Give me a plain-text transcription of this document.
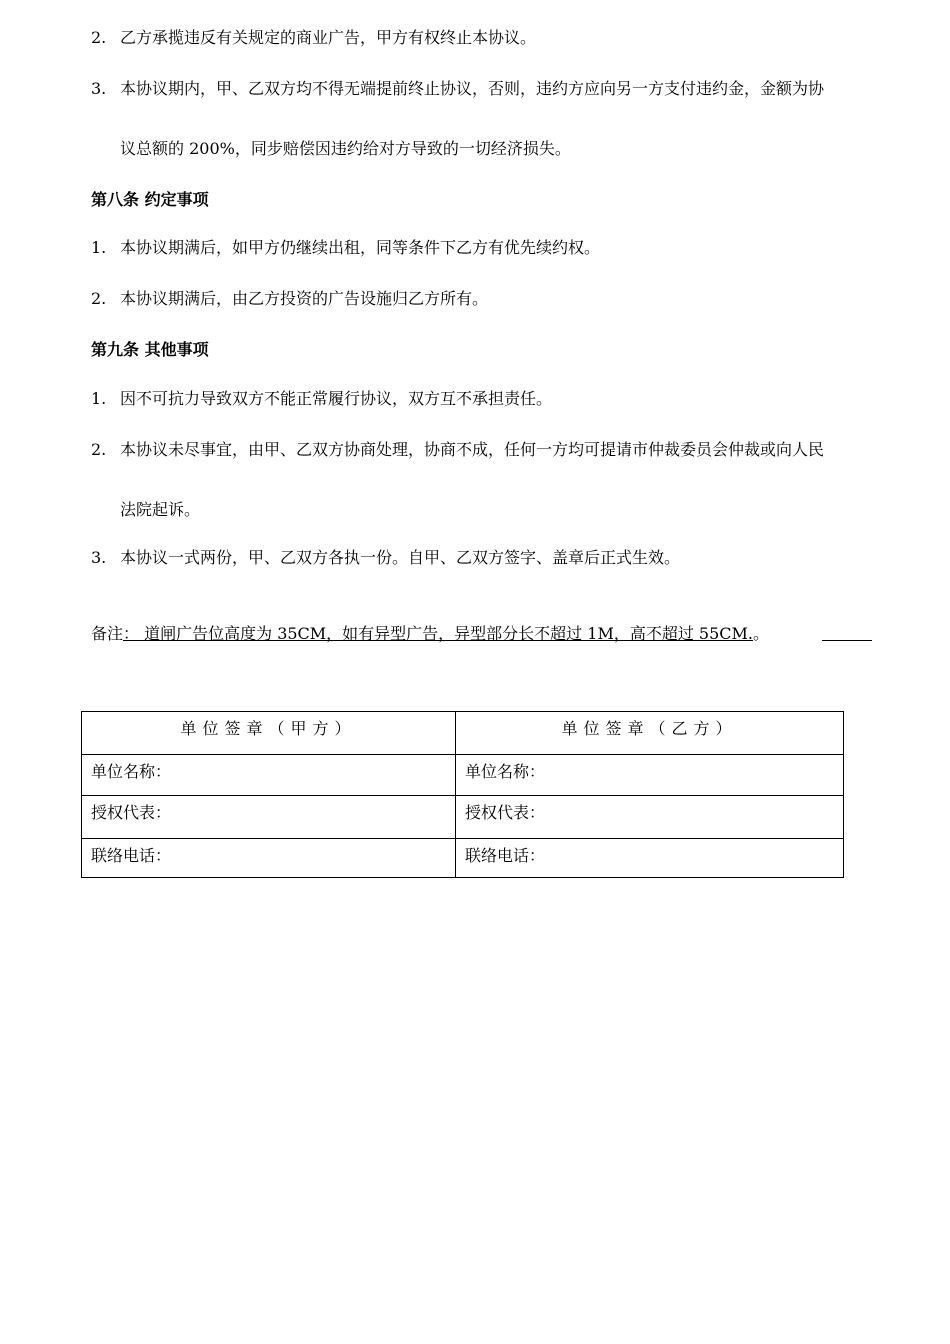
2. 乙方承揽违反有关规定的商业广告，甲方有权终止本协议。
3. 本协议期内，甲、乙双方均不得无端提前终止协议，否则，违约方应向另一方支付违约金，金额为协
议总额的 200%，同步赔偿因违约给对方导致的一切经济损失。
第八条 约定事项
1. 本协议期满后，如甲方仍继续出租，同等条件下乙方有优先续约权。
2. 本协议期满后，由乙方投资的广告设施归乙方所有。
第九条 其他事项
1. 因不可抗力导致双方不能正常履行协议，双方互不承担责任。
2. 本协议未尽事宜，由甲、乙双方协商处理，协商不成，任何一方均可提请市仲裁委员会仲裁或向人民
法院起诉。
3. 本协议一式两份，甲、乙双方各执一份。自甲、乙双方签字、盖章后正式生效。
备注： 道闸广告位高度为 35CM，如有异型广告，异型部分长不超过 1M，高不超过 55CM.。
单位签章（甲方）	单位签章（乙方）
单位名称：	单位名称：
授权代表：	授权代表：
联络电话：	联络电话：
